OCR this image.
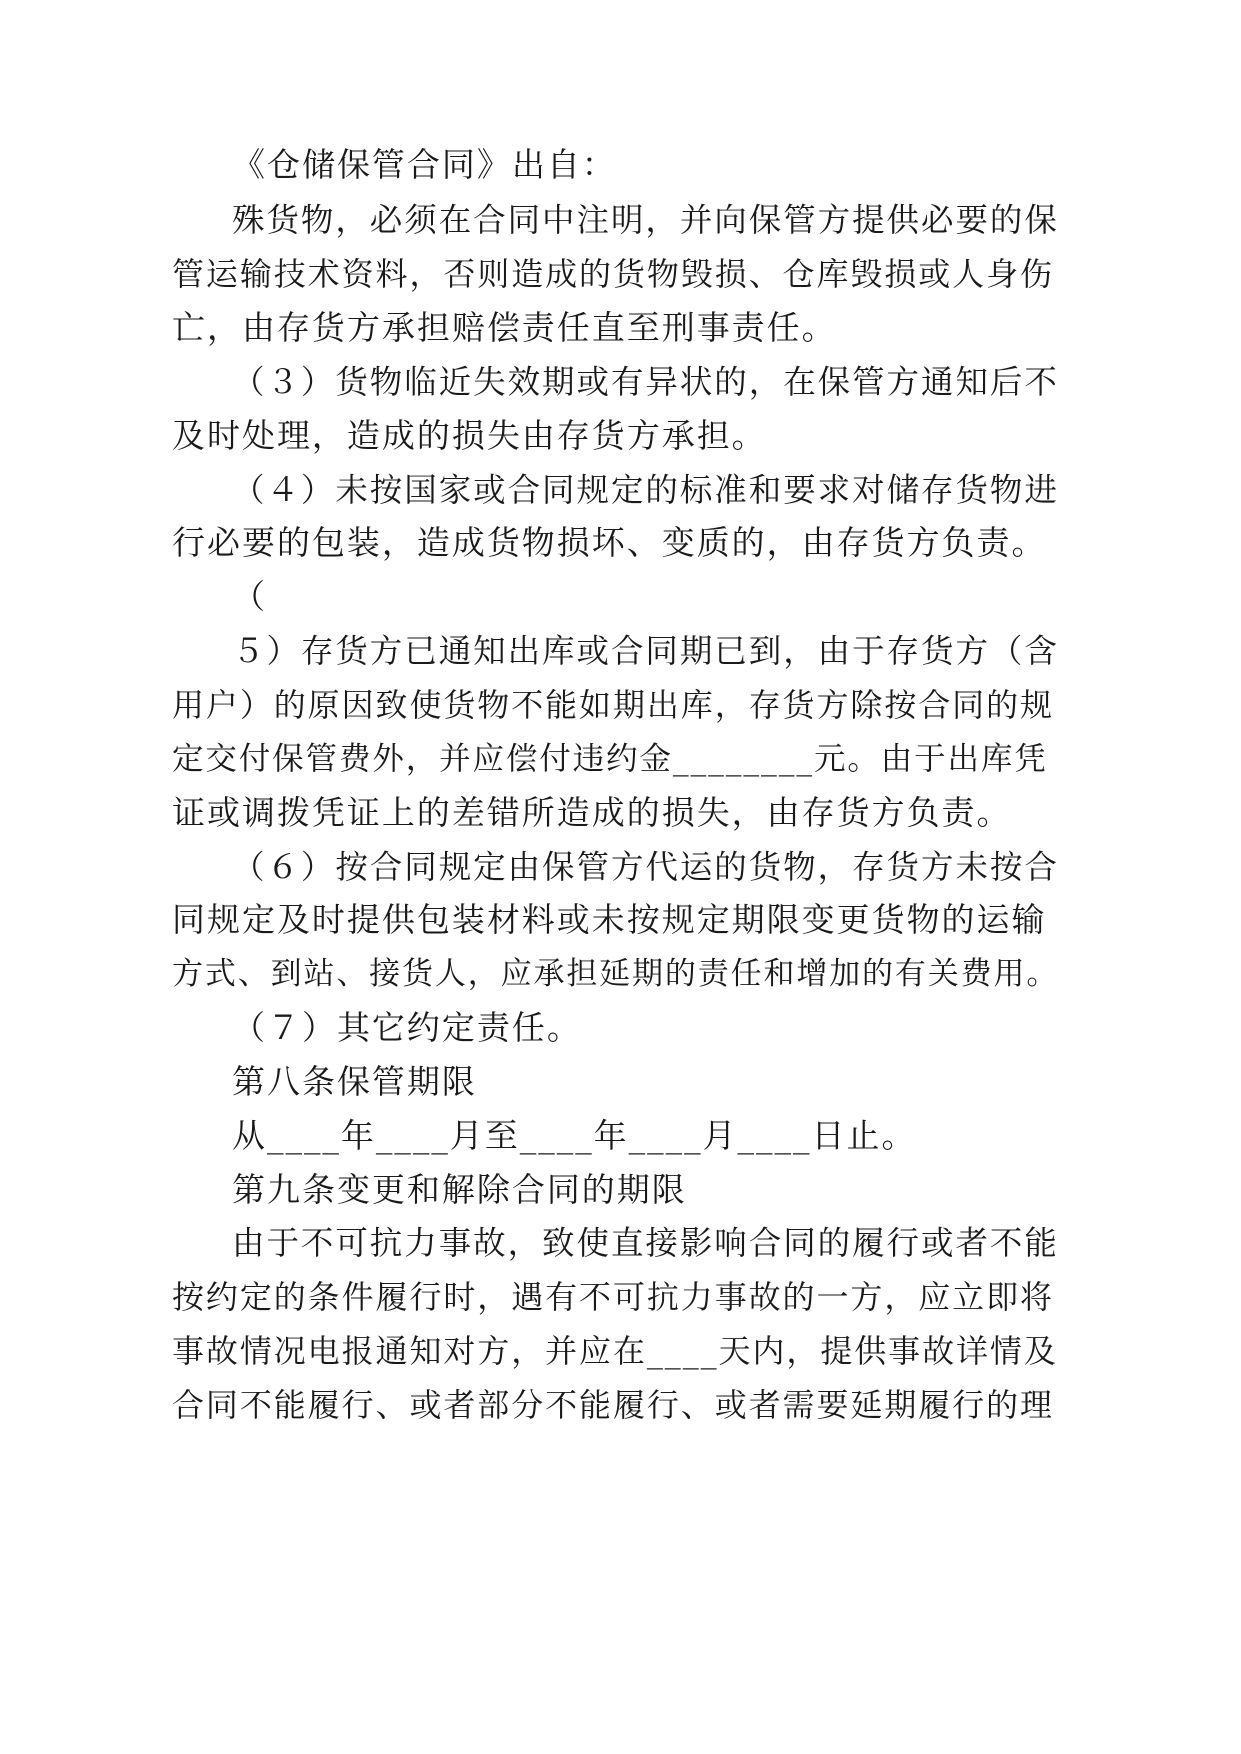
《仓储保管合同》出自：
殊货物，必须在合同中注明，并向保管方提供必要的保
管运输技术资料，否则造成的货物毁损、仓库毁损或人身伤
亡，由存货方承担赔偿责任直至刑事责任。
（３）货物临近失效期或有异状的，在保管方通知后不
及时处理，造成的损失由存货方承担。
（４）未按国家或合同规定的标准和要求对储存货物进
行必要的包装，造成货物损坏、变质的，由存货方负责。
（
５）存货方已通知出库或合同期已到，由于存货方（含
用户）的原因致使货物不能如期出库，存货方除按合同的规
定交付保管费外，并应偿付违约金________元。由于出库凭
证或调拨凭证上的差错所造成的损失，由存货方负责。
（６）按合同规定由保管方代运的货物，存货方未按合
同规定及时提供包装材料或未按规定期限变更货物的运输
方式、到站、接货人，应承担延期的责任和增加的有关费用。
（７）其它约定责任。
第八条保管期限
从____年____月至____年____月____日止。
第九条变更和解除合同的期限
由于不可抗力事故，致使直接影响合同的履行或者不能
按约定的条件履行时，遇有不可抗力事故的一方，应立即将
事故情况电报通知对方，并应在____天内，提供事故详情及
合同不能履行、或者部分不能履行、或者需要延期履行的理
